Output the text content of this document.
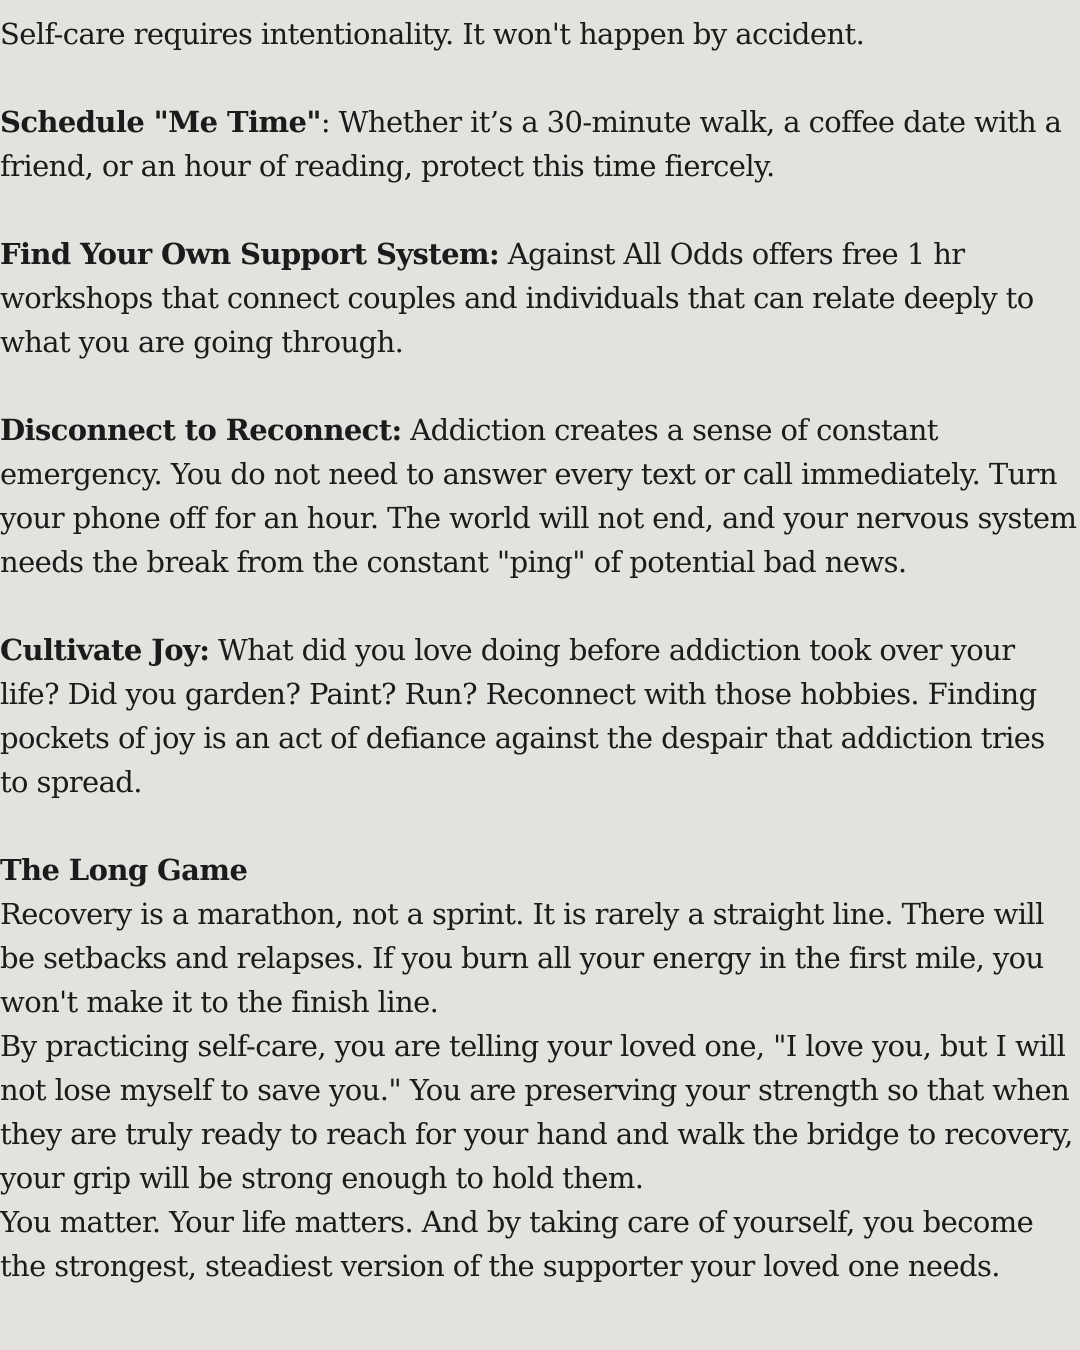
Self-care requires intentionality. It won't happen by accident.

Schedule "Me Time": Whether it’s a 30-minute walk, a coffee date with a friend, or an hour of reading, protect this time fiercely.

Find Your Own Support System: Against All Odds offers free 1 hr workshops that connect couples and individuals that can relate deeply to what you are going through.

Disconnect to Reconnect: Addiction creates a sense of constant emergency. You do not need to answer every text or call immediately. Turn your phone off for an hour. The world will not end, and your nervous system needs the break from the constant "ping" of potential bad news.

Cultivate Joy: What did you love doing before addiction took over your life? Did you garden? Paint? Run? Reconnect with those hobbies. Finding pockets of joy is an act of defiance against the despair that addiction tries to spread.

The Long Game

Recovery is a marathon, not a sprint. It is rarely a straight line. There will be setbacks and relapses. If you burn all your energy in the first mile, you won't make it to the finish line.

By practicing self-care, you are telling your loved one, "I love you, but I will not lose myself to save you." You are preserving your strength so that when they are truly ready to reach for your hand and walk the bridge to recovery, your grip will be strong enough to hold them.

You matter. Your life matters. And by taking care of yourself, you become the strongest, steadiest version of the supporter your loved one needs.
